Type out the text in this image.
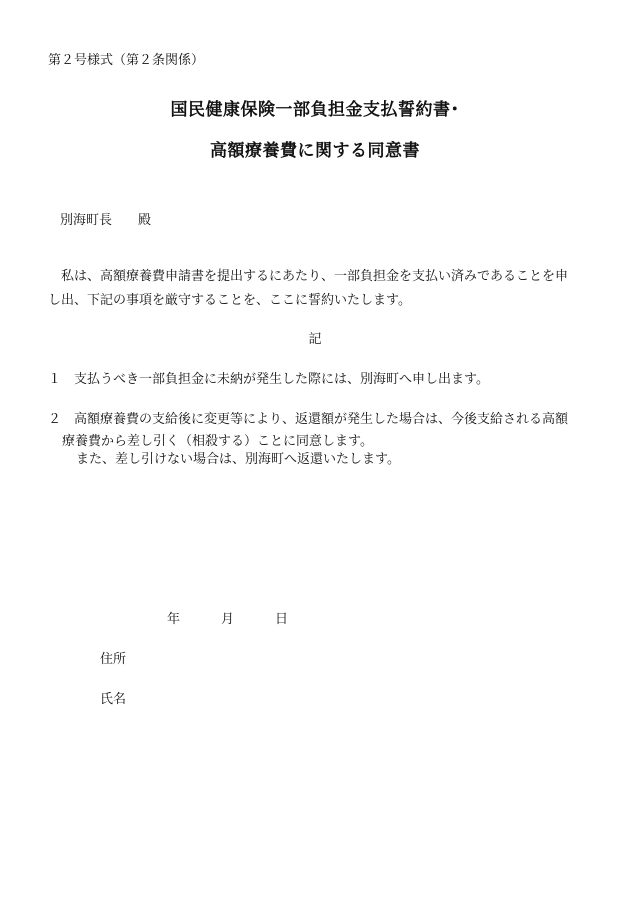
第２号様式（第２条関係）
国民健康保険一部負担金支払誓約書･
高額療養費に関する同意書
別海町長　　殿
　私は、高額療養費申請書を提出するにあたり、一部負担金を支払い済みであることを申
し出、下記の事項を厳守することを、ここに誓約いたします。
記
１ 支払うべき一部負担金に未納が発生した際には、別海町へ申し出ます。
２ 高額療養費の支給後に変更等により、返還額が発生した場合は、今後支給される高額
療養費から差し引く（相殺する）ことに同意します。
また、差し引けない場合は、別海町へ返還いたします。
年	月	日
住所
氏名
